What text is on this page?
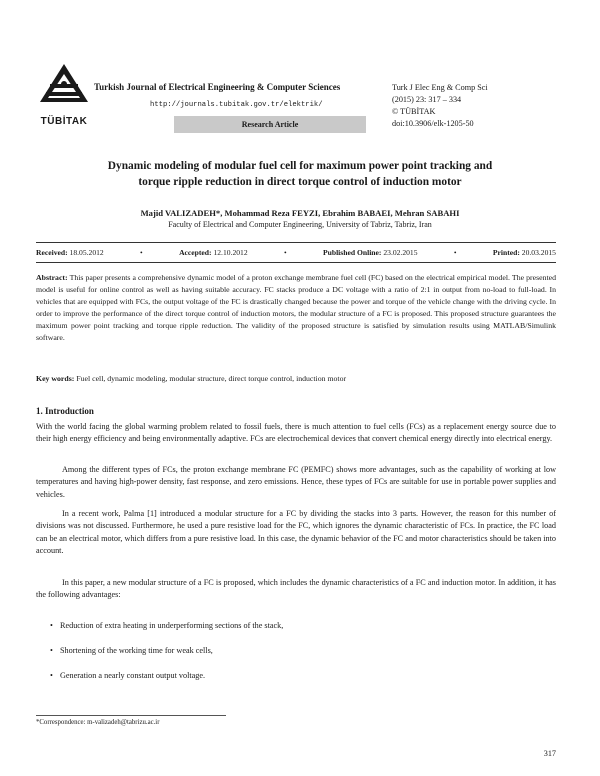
TÜBİTAK
Turkish Journal of Electrical Engineering & Computer Sciences
http://journals.tubitak.gov.tr/elektrik/
Research Article
Turk J Elec Eng & Comp Sci
(2015) 23: 317 – 334
© TÜBİTAK
doi:10.3906/elk-1205-50
Dynamic modeling of modular fuel cell for maximum power point tracking and
torque ripple reduction in direct torque control of induction motor
Majid VALIZADEH*, Mohammad Reza FEYZI, Ebrahim BABAEI, Mehran SABAHI
Faculty of Electrical and Computer Engineering, University of Tabriz, Tabriz, Iran
Received: 18.05.2012	•	Accepted: 12.10.2012	•	Published Online: 23.02.2015	•	Printed: 20.03.2015
Abstract: This paper presents a comprehensive dynamic model of a proton exchange membrane fuel cell (FC) based on the electrical empirical model. The presented model is useful for online control as well as having suitable accuracy. FC stacks produce a DC voltage with a ratio of 2:1 in output from no-load to full-load. In vehicles that are equipped with FCs, the output voltage of the FC is drastically changed because the power and torque of the vehicle change with the driving cycle. In order to improve the performance of the direct torque control of induction motors, the modular structure of a FC is proposed. This proposed structure guarantees the maximum power point tracking and torque ripple reduction. The validity of the proposed structure is satisfied by simulation results using MATLAB/Simulink software.
Key words: Fuel cell, dynamic modeling, modular structure, direct torque control, induction motor
1. Introduction
With the world facing the global warming problem related to fossil fuels, there is much attention to fuel cells (FCs) as a replacement energy source due to their high energy efficiency and being environmentally adaptive. FCs are electrochemical devices that convert chemical energy directly into electrical energy.
Among the different types of FCs, the proton exchange membrane FC (PEMFC) shows more advantages, such as the capability of working at low temperatures and having high-power density, fast response, and zero emissions. Hence, these types of FCs are suitable for use in portable power supplies and vehicles.
In a recent work, Palma [1] introduced a modular structure for a FC by dividing the stacks into 3 parts. However, the reason for this number of divisions was not discussed. Furthermore, he used a pure resistive load for the FC, which ignores the dynamic characteristic of FCs. In practice, the FC load can be an electrical motor, which differs from a pure resistive load. In this case, the dynamic behavior of the FC and motor characteristics should be taken into account.
In this paper, a new modular structure of a FC is proposed, which includes the dynamic characteristics of a FC and induction motor. In addition, it has the following advantages:
• Reduction of extra heating in underperforming sections of the stack,
• Shortening of the working time for weak cells,
• Generation a nearly constant output voltage.
*Correspondence: m-valizadeh@tabrizu.ac.ir
317
